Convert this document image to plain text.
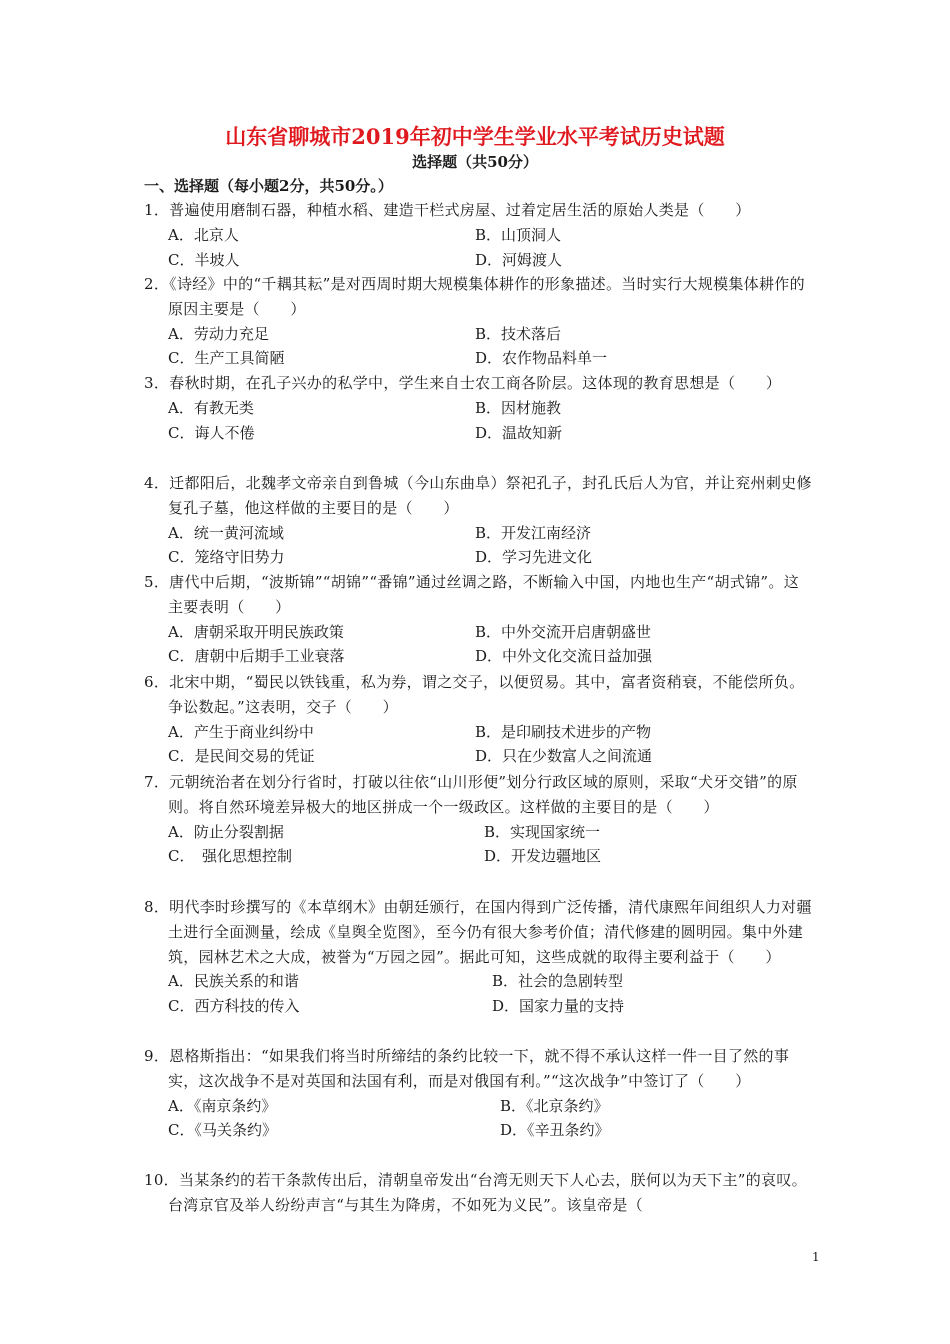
山东省聊城市2019年初中学生学业水平考试历史试题
选择题（共50分）
一、选择题（每小题2分，共50分。）
1．普遍使用磨制石器，种植水稻、建造干栏式房屋、过着定居生活的原始人类是（　　）
A．北京人	B．山顶洞人
C．半坡人	D．河姆渡人
2．《诗经》中的“千耦其耘”是对西周时期大规模集体耕作的形象描述。当时实行大规模集体耕作的原因主要是（　　）
A．劳动力充足	B．技术落后
C．生产工具简陋	D．农作物品料单一
3．春秋时期，在孔子兴办的私学中，学生来自士农工商各阶层。这体现的教育思想是（　　）
A．有教无类	B．因材施教
C．诲人不倦	D．温故知新
4．迁都阳后，北魏孝文帝亲自到鲁城（今山东曲阜）祭祀孔子，封孔氏后人为官，并让兖州刺史修复孔子墓，他这样做的主要目的是（　　）
A．统一黄河流域	B．开发江南经济
C．笼络守旧势力	D．学习先进文化
5．唐代中后期，“波斯锦”“胡锦”“番锦”通过丝调之路，不断输入中国，内地也生产“胡式锦”。这主要表明（　　）
A．唐朝采取开明民族政策	B．中外交流开启唐朝盛世
C．唐朝中后期手工业衰落	D．中外文化交流日益加强
6．北宋中期，“蜀民以铁钱重，私为券，谓之交子，以便贸易。其中，富者资稍衰，不能偿所负。争讼数起。”这表明，交子（　　）
A．产生于商业纠纷中	B．是印刷技术进步的产物
C．是民间交易的凭证	D．只在少数富人之间流通
7．元朝统治者在划分行省时，打破以往依“山川形便”划分行政区域的原则，采取“犬牙交错”的原则。将自然环境差异极大的地区拼成一个一级政区。这样做的主要目的是（　　）
A．防止分裂割据	B．实现国家统一
C．　强化思想控制	D．开发边疆地区
8．明代李时珍撰写的《本草纲木》由朝廷颁行，在国内得到广泛传播，清代康熙年间组织人力对疆土进行全面测量，绘成《皇舆全览图》，至今仍有很大参考价值；清代修建的圆明园。集中外建筑，园林艺术之大成，被誉为“万园之园”。据此可知，这些成就的取得主要利益于（　　）
A．民族关系的和谐	B．社会的急剧转型
C．西方科技的传入	D．国家力量的支持
9．恩格斯指出：“如果我们将当时所缔结的条约比较一下，就不得不承认这样一件一目了然的事实，这次战争不是对英国和法国有利，而是对俄国有利。”“这次战争”中签订了（　　）
A．《南京条约》	B．《北京条约》
C．《马关条约》	D．《辛丑条约》
10．当某条约的若干条款传出后，清朝皇帝发出“台湾无则天下人心去，朕何以为天下主”的哀叹。台湾京官及举人纷纷声言“与其生为降虏，不如死为义民”。该皇帝是（
1
